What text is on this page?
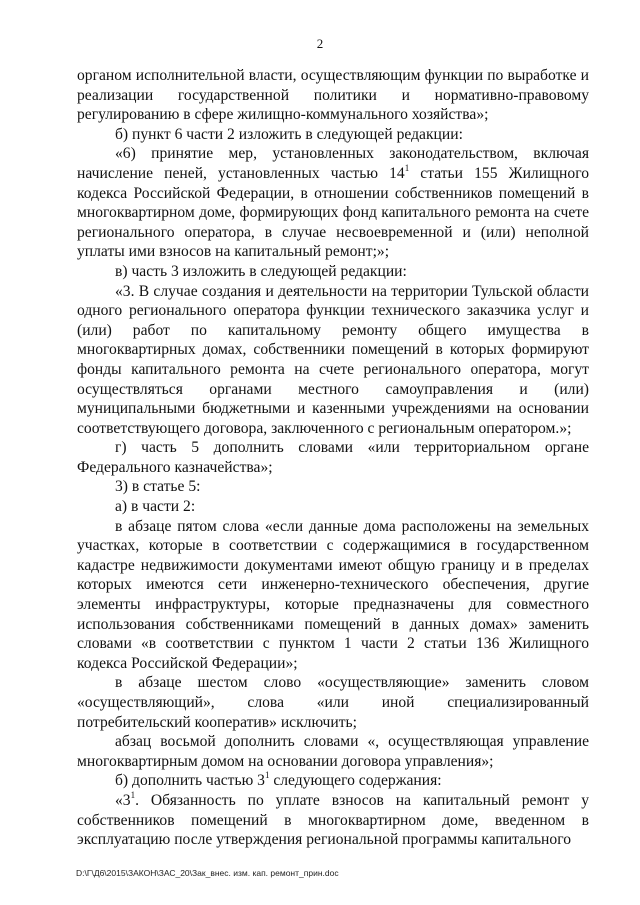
2

органом исполнительной власти, осуществляющим функции по выработке и реализации государственной политики и нормативно-правовому регулированию в сфере жилищно-коммунального хозяйства»;

б) пункт 6 части 2 изложить в следующей редакции:

«6) принятие мер, установленных законодательством, включая начисление пеней, установленных частью $14^1$ статьи 155 Жилищного кодекса Российской Федерации, в отношении собственников помещений в многоквартирном доме, формирующих фонд капитального ремонта на счете регионального оператора, в случае несвоевременной и (или) неполной уплаты ими взносов на капитальный ремонт;»;

в) часть 3 изложить в следующей редакции:

«3. В случае создания и деятельности на территории Тульской области одного регионального оператора функции технического заказчика услуг и (или) работ по капитальному ремонту общего имущества в многоквартирных домах, собственники помещений в которых формируют фонды капитального ремонта на счете регионального оператора, могут осуществляться органами местного самоуправления и (или) муниципальными бюджетными и казенными учреждениями на основании соответствующего договора, заключенного с региональным оператором.»;

г) часть 5 дополнить словами «или территориальном органе Федерального казначейства»;

3) в статье 5:

а) в части 2:

в абзаце пятом слова «если данные дома расположены на земельных участках, которые в соответствии с содержащимися в государственном кадастре недвижимости документами имеют общую границу и в пределах которых имеются сети инженерно-технического обеспечения, другие элементы инфраструктуры, которые предназначены для совместного использования собственниками помещений в данных домах» заменить словами «в соответствии с пунктом 1 части 2 статьи 136 Жилищного кодекса Российской Федерации»;

в абзаце шестом слово «осуществляющие» заменить словом «осуществляющий», слова «или иной специализированный потребительский кооператив» исключить;

абзац восьмой дополнить словами «, осуществляющая управление многоквартирным домом на основании договора управления»;

б) дополнить частью $3^1$ следующего содержания:

«$3^1$. Обязанность по уплате взносов на капитальный ремонт у собственников помещений в многоквартирном доме, введенном в эксплуатацию после утверждения региональной программы капитального

D:\Г\Д6\2015\ЗАКОН\ЗАС_20\Зак_внес. изм. кап. ремонт_прин.doc
